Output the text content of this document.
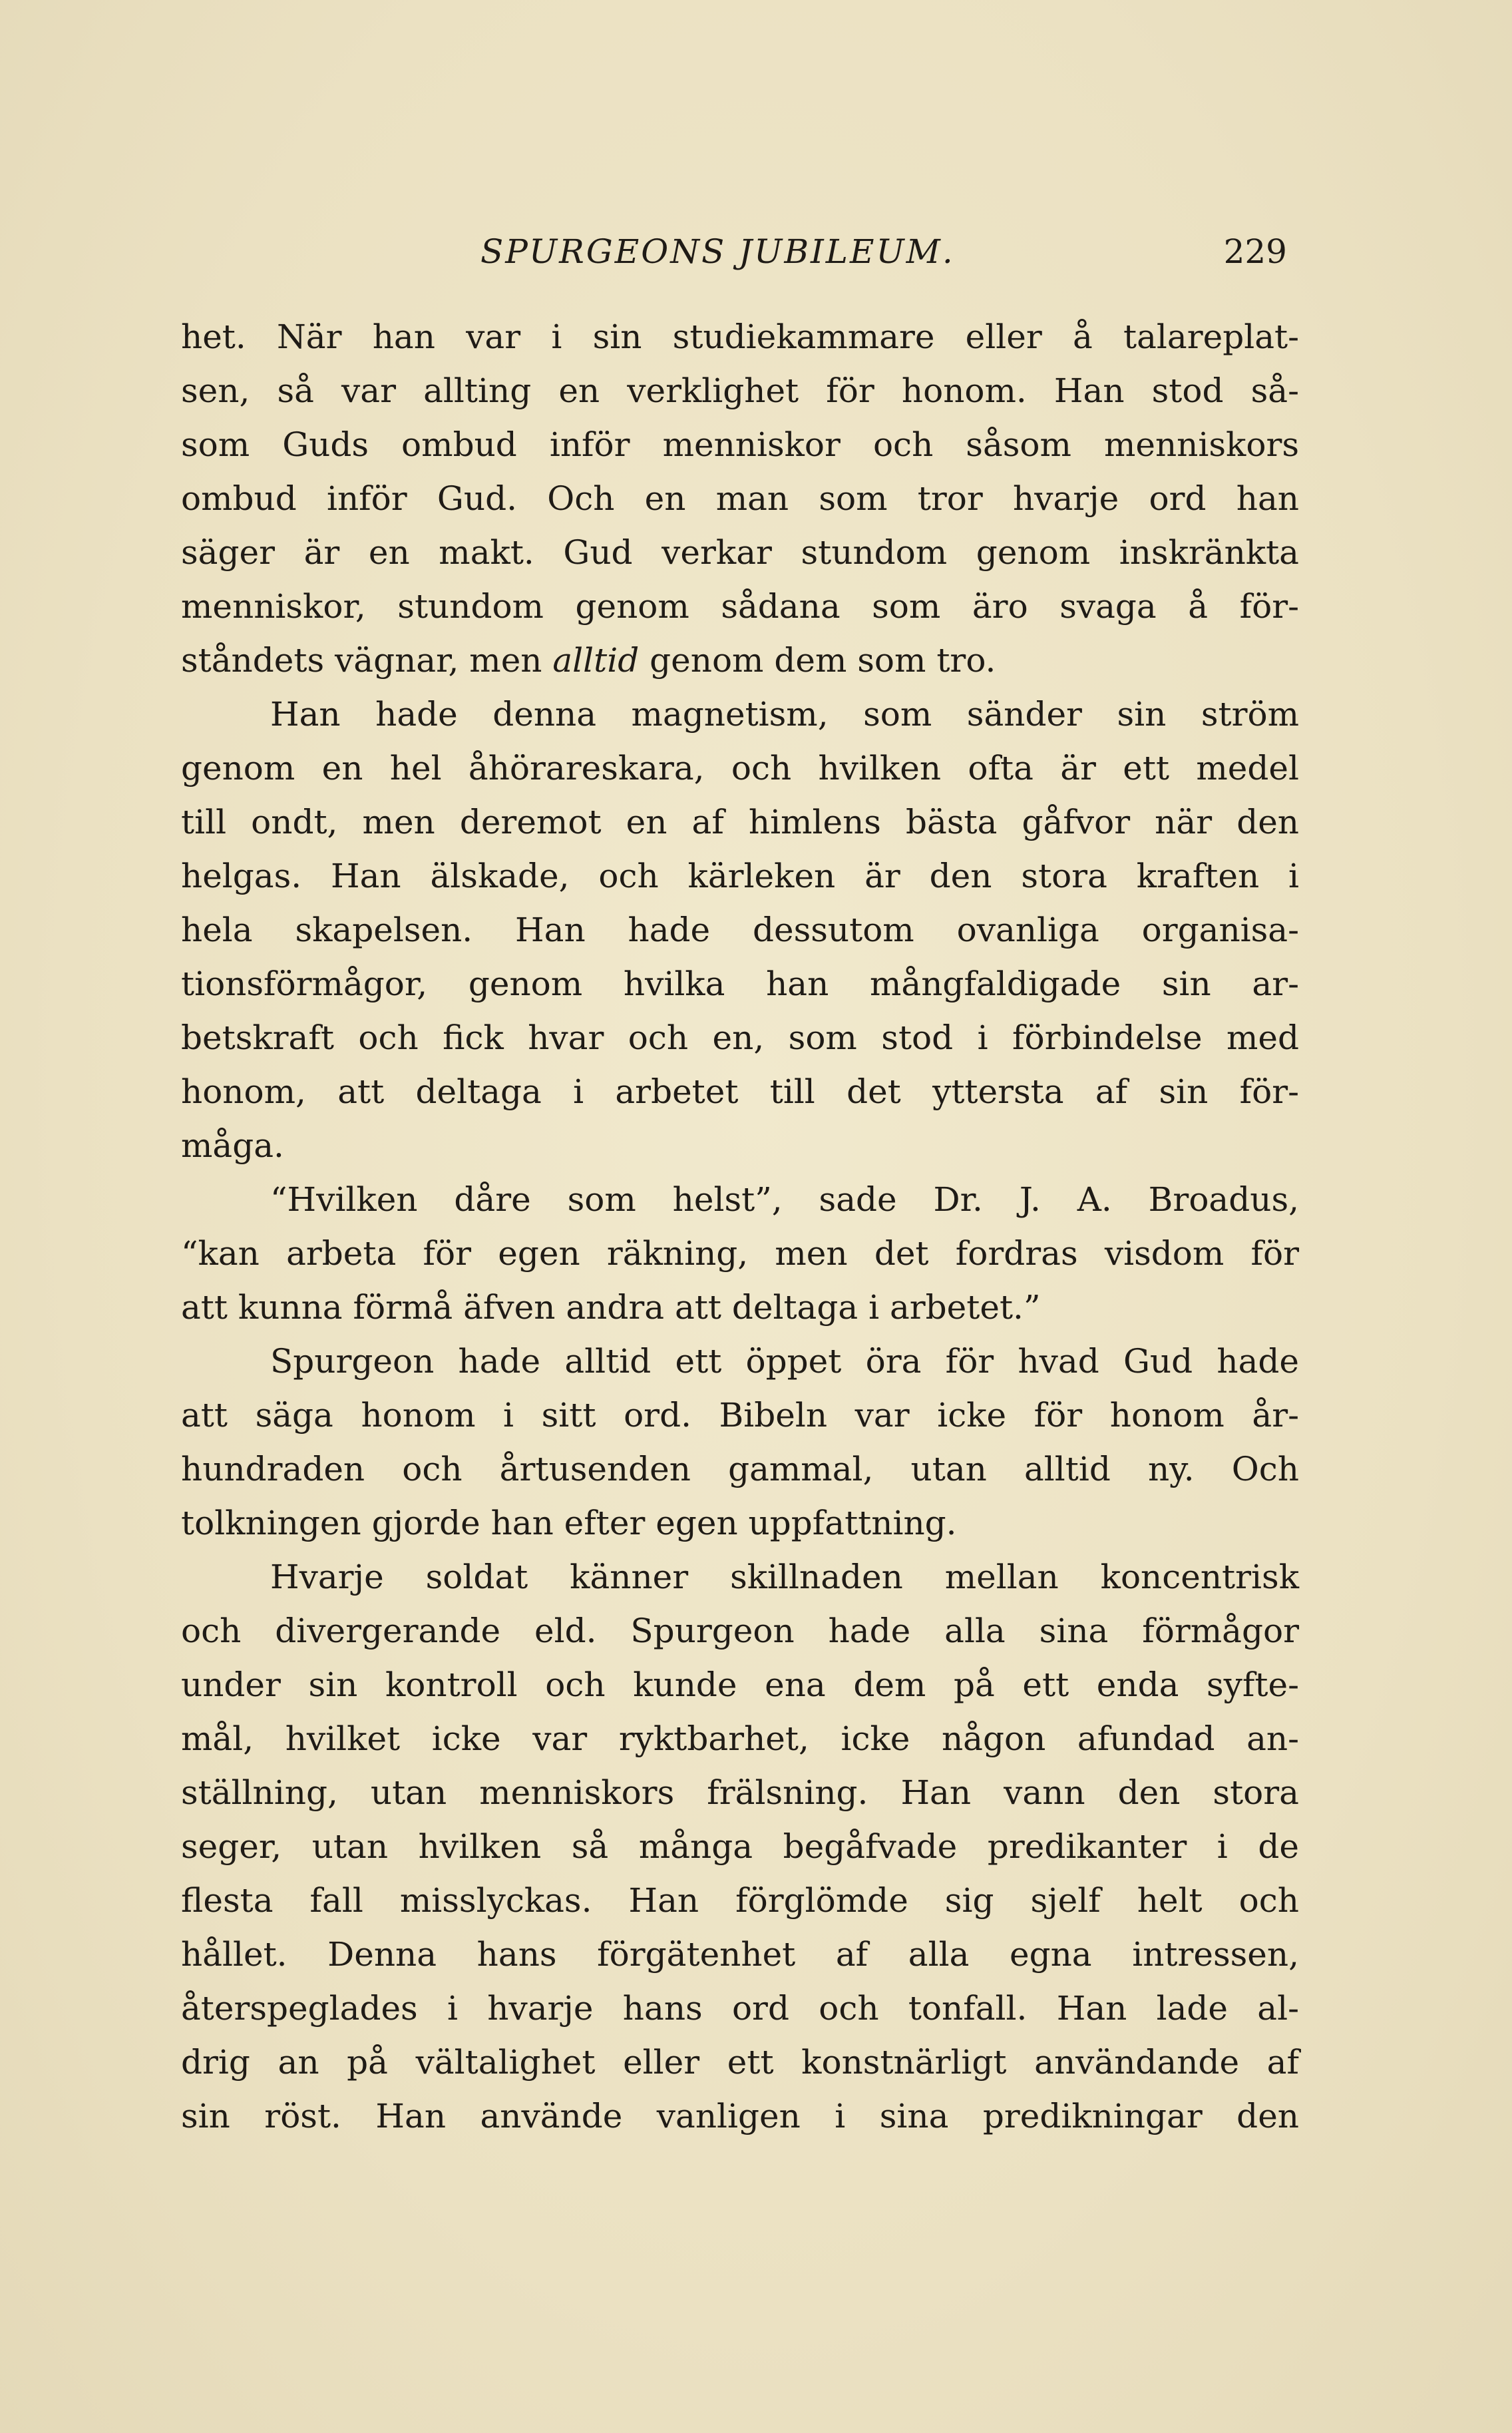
SPURGEONS JUBILEUM.	229
het. När han var i sin studiekammare eller å talareplat-
sen, så var allting en verklighet för honom. Han stod så-
som Guds ombud inför menniskor och såsom menniskors
ombud inför Gud. Och en man som tror hvarje ord han
säger är en makt. Gud verkar stundom genom inskränkta
menniskor, stundom genom sådana som äro svaga å för-
ståndets vägnar, men alltid genom dem som tro.
Han hade denna magnetism, som sänder sin ström
genom en hel åhörareskara, och hvilken ofta är ett medel
till ondt, men deremot en af himlens bästa gåfvor när den
helgas. Han älskade, och kärleken är den stora kraften i
hela skapelsen. Han hade dessutom ovanliga organisa-
tionsförmågor, genom hvilka han mångfaldigade sin ar-
betskraft och fick hvar och en, som stod i förbindelse med
honom, att deltaga i arbetet till det yttersta af sin för-
måga.
“Hvilken dåre som helst”, sade Dr. J. A. Broadus,
“kan arbeta för egen räkning, men det fordras visdom för
att kunna förmå äfven andra att deltaga i arbetet.”
Spurgeon hade alltid ett öppet öra för hvad Gud hade
att säga honom i sitt ord. Bibeln var icke för honom år-
hundraden och årtusenden gammal, utan alltid ny. Och
tolkningen gjorde han efter egen uppfattning.
Hvarje soldat känner skillnaden mellan koncentrisk
och divergerande eld. Spurgeon hade alla sina förmågor
under sin kontroll och kunde ena dem på ett enda syfte-
mål, hvilket icke var ryktbarhet, icke någon afundad an-
ställning, utan menniskors frälsning. Han vann den stora
seger, utan hvilken så många begåfvade predikanter i de
flesta fall misslyckas. Han förglömde sig sjelf helt och
hållet. Denna hans förgätenhet af alla egna intressen,
återspeglades i hvarje hans ord och tonfall. Han lade al-
drig an på vältalighet eller ett konstnärligt användande af
sin röst. Han använde vanligen i sina predikningar den
